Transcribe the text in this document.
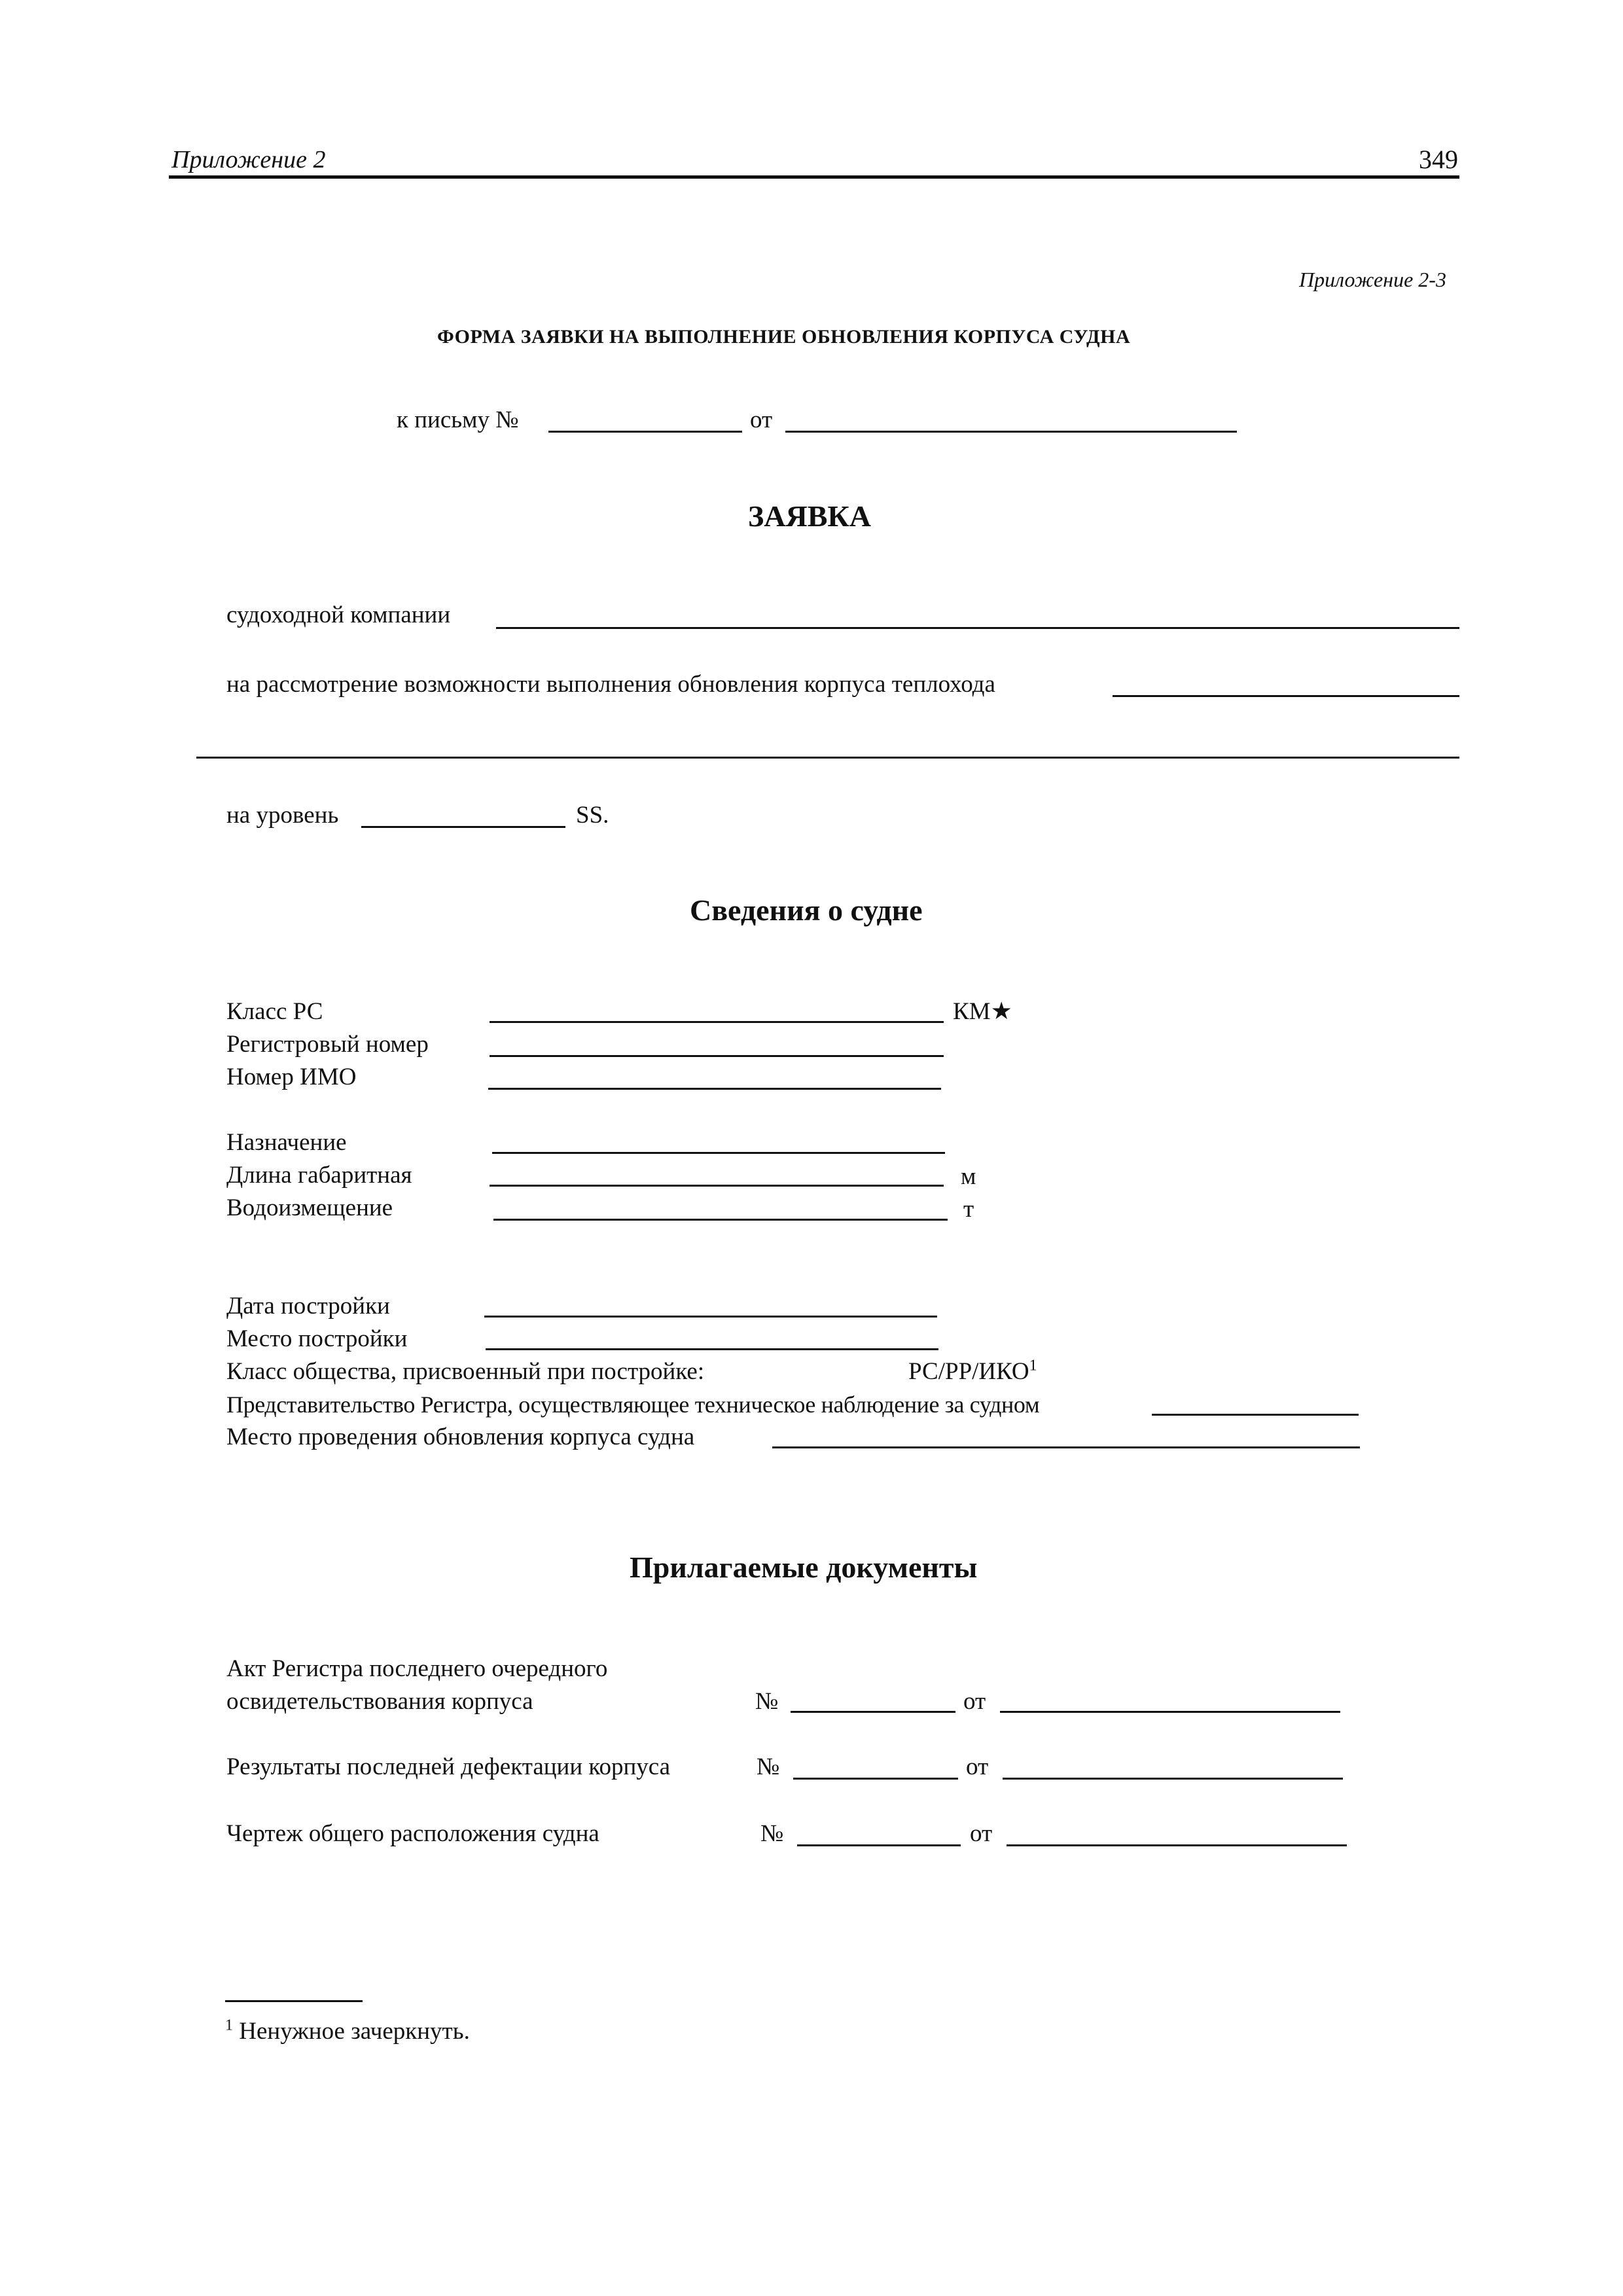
Приложение 2	349
Приложение 2-3
ФОРМА ЗАЯВКИ НА ВЫПОЛНЕНИЕ ОБНОВЛЕНИЯ КОРПУСА СУДНА
к письму №	от
ЗАЯВКА
судоходной компании
на рассмотрение возможности выполнения обновления корпуса теплохода
на уровень	SS.
Сведения о судне
Класс РС	КМ★
Регистровый номер
Номер ИМО
Назначение
Длина габаритная	м
Водоизмещение	т
Дата постройки
Место постройки
Класс общества, присвоенный при постройке:	РС/РР/ИКО$^1$
Представительство Регистра, осуществляющее техническое наблюдение за судном
Место проведения обновления корпуса судна
Прилагаемые документы
Акт Регистра последнего очередного
освидетельствования корпуса	№	от
Результаты последней дефектации корпуса	№	от
Чертеж общего расположения судна	№	от
$^1$ Ненужное зачеркнуть.
